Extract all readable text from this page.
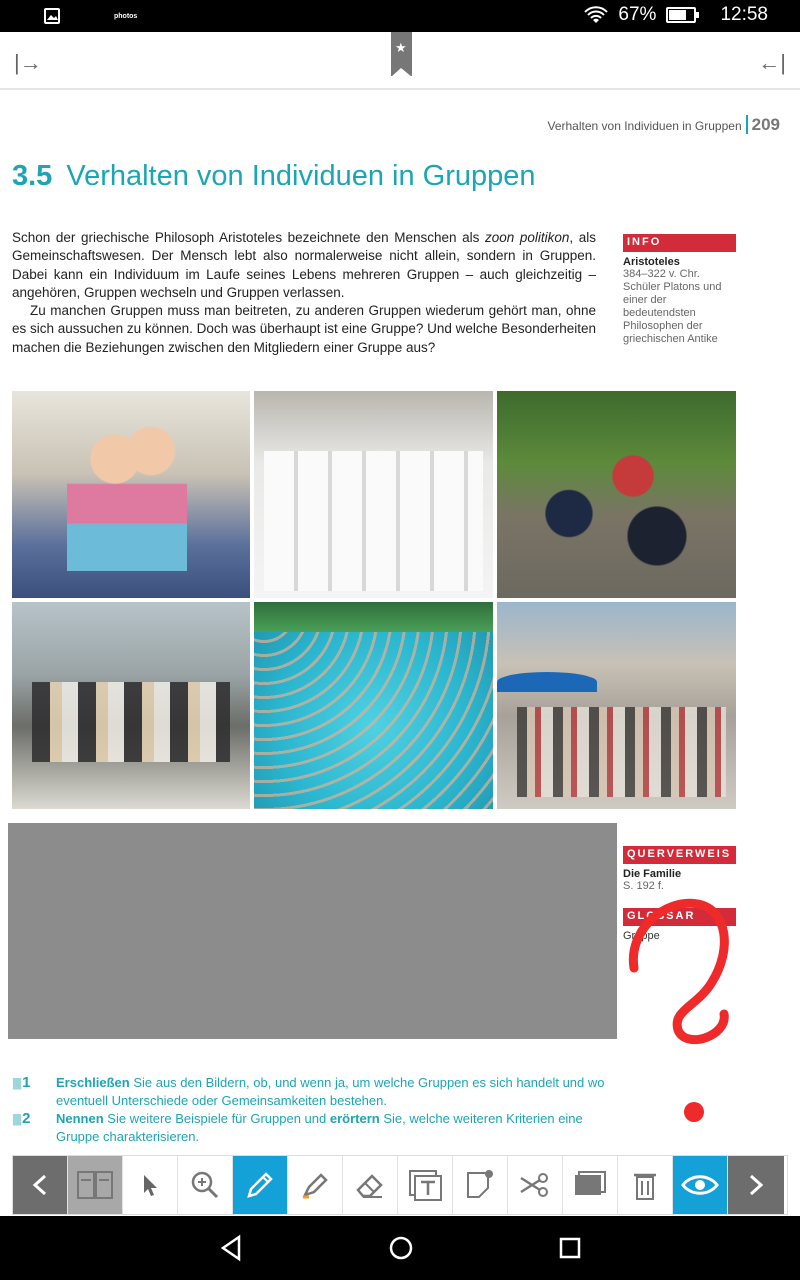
photos	67%	12:58
|→
★
←|
Verhalten von Individuen in Gruppen 209
3.5 Verhalten von Individuen in Gruppen

Schon der griechische Philosoph Aristoteles bezeichnete den Menschen als zoon politikon, als Gemeinschaftswesen. Der Mensch lebt also normalerweise nicht allein, sondern in Gruppen. Dabei kann ein Individuum im Laufe seines Lebens mehreren Gruppen – auch gleichzeitig – angehören, Gruppen wechseln und Gruppen verlassen.

Zu manchen Gruppen muss man beitreten, zu anderen Gruppen wiederum gehört man, ohne es sich aussuchen zu können. Doch was überhaupt ist eine Gruppe? Und welche Besonderheiten machen die Beziehungen zwischen den Mitgliedern einer Gruppe aus?

INFO
Aristoteles
384–322 v. Chr. Schüler Platons und einer der bedeutendsten Philosophen der griechischen Antike
QUERVERWEIS
Die Familie
S. 192 f.
GLOSSAR
Gruppe
|||||| 1 Erschließen Sie aus den Bildern, ob, und wenn ja, um welche Gruppen es sich handelt und wo eventuell Unterschiede oder Gemeinsamkeiten bestehen.
|||||| 2 Nennen Sie weitere Beispiele für Gruppen und erörtern Sie, welche weiteren Kriterien eine Gruppe charakterisieren.
